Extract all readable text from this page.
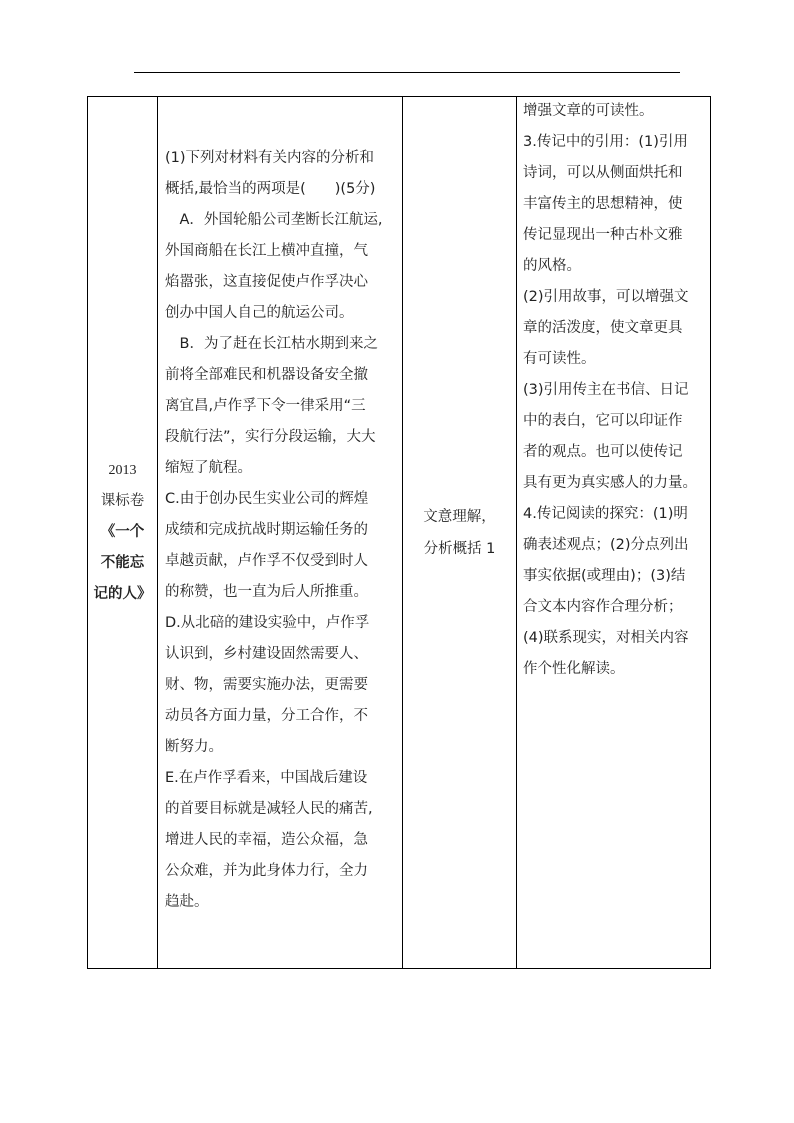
2013
课标卷
《一个
不能忘
记的人》

(1)下列对材料有关内容的分析和
概括,最恰当的两项是(　　)(5分)
　A．外国轮船公司垄断长江航运,
外国商船在长江上横冲直撞，气
焰嚣张，这直接促使卢作孚决心
创办中国人自己的航运公司。
　B．为了赶在长江枯水期到来之
前将全部难民和机器设备安全撤
离宜昌,卢作孚下令一律采用“三
段航行法”，实行分段运输，大大
缩短了航程。
C.由于创办民生实业公司的辉煌
成绩和完成抗战时期运输任务的
卓越贡献，卢作孚不仅受到时人
的称赞，也一直为后人所推重。
D.从北碚的建设实验中，卢作孚
认识到，乡村建设固然需要人、
财、物，需要实施办法，更需要
动员各方面力量，分工合作，不
断努力。
E.在卢作孚看来，中国战后建设
的首要目标就是减轻人民的痛苦,
增进人民的幸福，造公众福，急
公众难，并为此身体力行，全力
趋赴。

文意理解，
分析概括 1

增强文章的可读性。
3.传记中的引用：(1)引用
诗词，可以从侧面烘托和
丰富传主的思想精神，使
传记显现出一种古朴文雅
的风格。
(2)引用故事，可以增强文
章的活泼度，使文章更具
有可读性。
(3)引用传主在书信、日记
中的表白，它可以印证作
者的观点。也可以使传记
具有更为真实感人的力量。
4.传记阅读的探究：(1)明
确表述观点；(2)分点列出
事实依据(或理由)；(3)结
合文本内容作合理分析；
(4)联系现实，对相关内容
作个性化解读。
